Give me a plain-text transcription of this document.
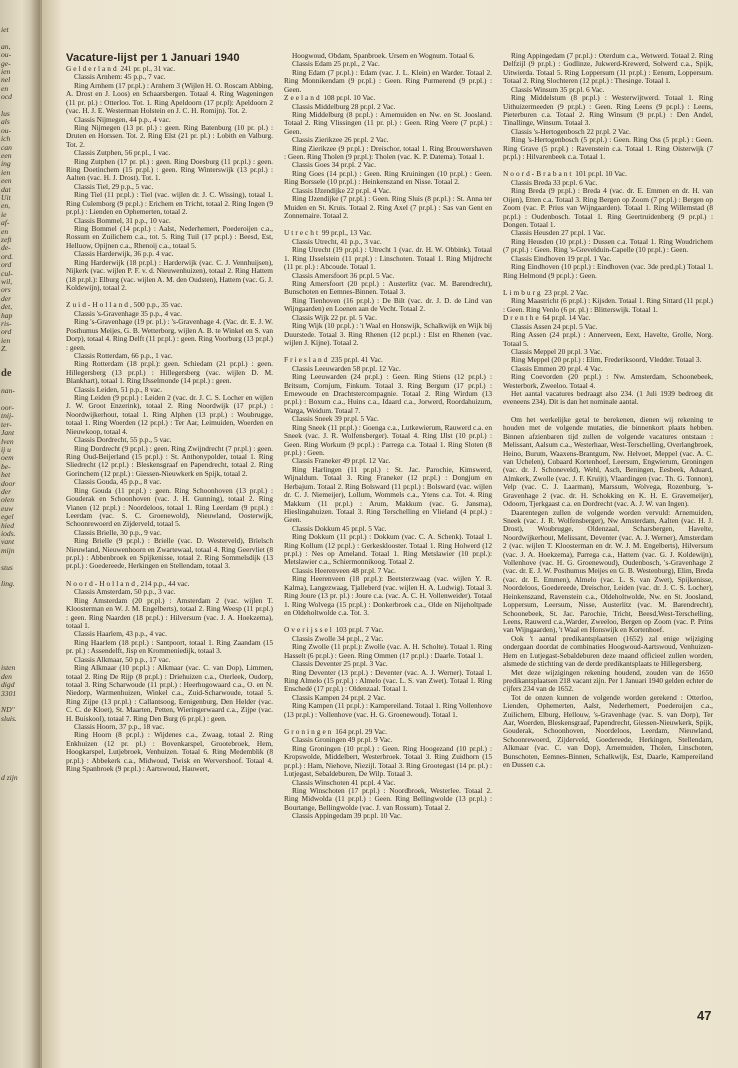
iet
an,
ou-
ge-
ien
nel
en
ocd
lus
als
ou-
ich
can
een
ing
ien
een
dat
Uit
en,
ie
af-
en
zeft
de-
ord.
ord
cul-
wil,
ors
der
det,
hap
ris-
ord
ien
Z.
de
nan-
oor-
tnij-
ter-
Jant
lven
ij u
oem
be-
het
door
der
olen
euw
egel
hied
iods.
vant
mijn
stus
ling.
isten
den
digd
3301
ND"
sluis.
d zijn

Vacature-lijst per 1 Januari 1940

Gelderland 241 pr. pl., 31 vac.

Classis Arnhem: 45 p.p., 7 vac.

Ring Arnhem (17 pr.pl.) : Arnhem 3 (Wijlen H. O. Roscam Abbing, A. Drost en J. Loos) en Schaarsbergen. Totaal 4. Ring Wageningen (11 pr. pl.) : Otterloo. Tot. 1. Ring Apeldoorn (17 pr.pl): Apeldoorn 2 (vac. H. J. E. Westerman Holstein en J. C. H. Romijn). Tot. 2.

Classis Nijmegen, 44 p.p., 4 vac.

Ring Nijmegen (13 pr. pl.) : geen. Ring Batenburg (10 pr. pl.) : Druten en Horssen. Tot. 2. Ring Elst (21 pr. pl.) : Lobith en Valburg. Tot. 2.

Classis Zutphen, 56 pr.pl., 1 vac.

Ring Zutphen (17 pr. pl.) : geen. Ring Doesburg (11 pr.pl.) : geen. Ring Doetinchem (15 pr.pl.) : geen. Ring Winterswijk (13 pr.pl.) : Aalten (vac. H. J. Drost). Tot. 1.

Classis Tiel, 29 p.p., 5 vac.

Ring Tiel (11 pr.pl.) : Tiel (vac. wijlen dr. J. C. Wissing), totaal 1. Ring Culemborg (9 pr.pl.) : Erichem en Tricht, totaal 2. Ring Ingen (9 pr.pl.) : Lienden en Ophemerten, totaal 2.

Classis Bommel, 31 p.p., 10 vac.

Ring Bommel (14 pr.pl.) : Aalst, Nederhemert, Poederoijen c.a., Rossum en Zuilichem c.a., tot. 5. Ring Tuil (17 pr.pl.) : Beesd, Est, Helluow, Opijnen c.a., Rhenoij c.a., totaal 5.

Classis Harderwijk, 36 p.p. 4 vac.

Ring Harderwijk (18 pr.pl.) : Harderwijk (vac. C. J. Vennhuijsen), Nijkerk (vac. wijlen P. F. v. d. Nieuwenhuizen), totaal 2. Ring Hattem (18 pr.pl.): Elburg (vac. wijlen A. M. den Oudsten), Hattem (vac. G. J. Koldewijn), totaal 2.

Zuid-Holland, 500 p.p., 35 vac.

Classis 's-Gravenhage 35 p.p., 4 vac.

Ring 's-Gravenhage (19 pr. pl.) : 's-Gravenhage 4. (Vac. dr. E. J. W. Posthumus Meijes, G. B. Wetterborg, wijlen A. B. te Winkel en S. van Dorp), totaal 4. Ring Delft (11 pr.pl.) : geen. Ring Voorburg (13 pr.pl.) : geen.

Classis Rotterdam, 66 p.p., 1 vac.

Ring Rotterdam (18 pr.pl.): geen. Schiedam (21 pr.pl.) : geen. Hillegersberg (13 pr.pl.) : Hillegersberg (vac. wijlen D. M. Blankhart), totaal 1. Ring IJsselmonde (14 pr.pl.) : geen.

Classis Leiden, 51 p.p., 8 vac.

Ring Leiden (9 pr.pl.) : Leiden 2 (vac. dr. J. C. S. Locher en wijlen J. W. Groot Enzerink), totaal 2. Ring Noordwijk (17 pr.pl.) : Noordwijkerhout, totaal 1. Ring Alphen (13 pr.pl.) : Woubrugge, totaal 1. Ring Woerden (12 pr.pl.) : Ter Aar, Leimuiden, Woerden en Nieuwkoop, totaal 4.

Classis Dordrecht, 55 p.p., 5 vac.

Ring Dordrecht (9 pr.pl.) : geen. Ring Zwijndrecht (7 pr.pl.) : geen. Ring Oud-Beijerland (15 pr.pl.) : St. Anthonypolder, totaal 1. Ring Sliedrecht (12 pr.pl.) : Bleskensgraaf en Papendrecht, totaal 2. Ring Gorinchem (12 pr.pl.) : Giessen-Nieuwkerk en Spijk, totaal 2.

Classis Gouda, 45 p.p., 8 vac.

Ring Gouda (11 pr.pl.) : geen. Ring Schoonhoven (13 pr.pl.) : Gouderak en Schoonhoven (vac. J. H. Gunning), totaal 2. Ring Vianen (12 pr.pl.) : Noordeloos, totaal 1. Ring Leerdam (9 pr.pl.) : Leerdam (vac. S. C. Groenewold), Nieuwland, Oosterwijk, Schoonrewoerd en Zijderveld, totaal 5.

Classis Brielle, 30 p.p., 9 vac.

Ring Brielle (9 pr.pl.) : Brielle (vac. D. Westerveld), Brielsch Nieuwland, Nieuwenhoorn en Zwartewaal, totaal 4. Ring Geervliet (8 pr.pl.) : Abbenbroek en Spijkenisse, totaal 2. Ring Sommelsdijk (13 pr.pl.) : Goedereede, Herkingen en Stellendam, totaal 3.

Noord-Holland, 214 p.p., 44 vac.

Classis Amsterdam, 50 p.p., 3 vac.

Ring Amsterdam (20 pr.pl.) : Amsterdam 2 (vac. wijlen T. Kloosterman en W. J. M. Engelberts), totaal 2. Ring Weesp (11 pr.pl.) : geen. Ring Naarden (18 pr.pl.) : Hilversum (vac. J. A. Hoekzema), totaal 1.

Classis Haarlem, 43 p.p., 4 vac.

Ring Haarlem (18 pr.pl.) : Santpoort, totaal 1. Ring Zaandam (15 pr. pl.) : Assendelft, Jisp en Krommeniedijk, totaal 3.

Classis Alkmaar, 50 p.p., 17 vac.

Ring Alkmaar (10 pr.pl.) : Alkmaar (vac. C. van Dop), Limmen, totaal 2. Ring De Rijp (8 pr.pl.) : Driehuizen c.a., Oterleek, Oudorp, totaal 3. Ring Scharwoude (11 pr.pl.) : Heerhugowaard c.a., O. en N. Niedorp, Warmenhuizen, Winkel c.a., Zuid-Scharwoude, totaal 5. Ring Zijpe (13 pr.pl.) : Callantsoog, Eenigenburg, Den Helder (vac. C. C. de Kloet), St. Maarten, Petten, Wieringerwaard c.a., Zijpe (vac. H. Buiskool), totaal 7. Ring Den Burg (6 pr.pl.) : geen.

Classis Hoorn, 37 p.p., 18 vac.

Ring Hoorn (8 pr.pl.) : Wijdenes c.a., Zwaag, totaal 2. Ring Enkhuizen (12 pr. pl.) : Bovenkarspel, Grootebroek, Hem, Hoogkarspel, Lutjebroek, Venhuizen. Totaal 6. Ring Medemblik (8 pr.pl.) : Abbekerk c.a., Midwoud, Twisk en Wervershoof. Totaal 4. Ring Spanbroek (9 pr.pl.) : Aartswoud, Hauwert,

Hoogwoud, Obdam, Spanbroek. Ursem en Wognum. Totaal 6.

Classis Edam 25 pr.pl., 2 Vac.

Ring Edam (7 pr.pl.) : Edam (vac. J. L. Klein) en Warder. Totaal 2. Ring Monnikendam (9 pr.pl.) : Geen. Ring Purmerend (9 pr.pl.) : Geen.

Zeeland 108 pr.pl. 10 Vac.

Classis Middelburg 28 pr.pl. 2 Vac.

Ring Middelburg (8 pr.pl.) : Arnemuiden en Nw. en St. Joosland. Totaal 2. Ring Vlissingen (11 pr. pl.) : Geen. Ring Veere (7 pr.pl.) : Geen.

Classis Zierikzee 26 pr.pl. 2 Vac.

Ring Zierikzee (9 pr.pl.) : Dreischor, totaal 1. Ring Brouwershaven : Geen. Ring Tholen (9 pr.pl.): Tholen (vac. K. P. Datema). Totaal 1.

Classis Goes 34 pr.pl. 2 Vac.

Ring Goes (14 pr.pl.) : Geen. Ring Kruiningen (10 pr.pl.) : Geen. Ring Borssele (10 pr.pl.) : Heinkenszand en Nisse. Totaal 2.

Classis IJzendijke 22 pr.pl. 4 Vac.

Ring IJzendijke (7 pr.pl.) : Geen. Ring Sluis (8 pr.pl.) : St. Anna ter Muiden en St. Kruis. Totaal 2. Ring Axel (7 pr.pl.) : Sas van Gent en Zonnemaire. Totaal 2.

Utrecht 99 pr.pl., 13 Vac.

Classis Utrecht, 41 p.p., 3 vac.

Ring Utrecht (19 pr.pl.) : Utrecht 1 (vac. dr. H. W. Obbink). Totaal 1. Ring IJsselstein (11 pr.pl.) : Linschoten. Totaal 1. Ring Mijdrecht (11 pr. pl.) : Abcoude. Totaal 1.

Classis Amersfoort 36 pr.pl. 5 Vac.

Ring Amersfoort (20 pr.pl.) : Austerlitz (vac. M. Barendrecht), Bunschoten en Eemnes-Binnen. Totaal 3.

Ring Tienhoven (16 pr.pl.) : De Bilt (vac. dr. J. D. de Lind van Wijngaarden) en Loenen aan de Vecht. Totaal 2.

Classis Wijk 22 pr. pl. 5 Vac.

Ring Wijk (10 pr.pl.) : 't Waal en Honswijk, Schalkwijk en Wijk bij Duurstede. Totaal 3. Ring Rhenen (12 pr.pl.) : Elst en Rhenen (vac. wijlen J. Kijne). Totaal 2.

Friesland 235 pr.pl. 41 Vac.

Classis Leeuwarden 58 pr.pl. 12 Vac.

Ring Leeuwarden (24 pr.pl.) : Geen. Ring Stiens (12 pr.pl.) : Britsum, Cornjum, Finkum. Totaal 3. Ring Bergum (17 pr.pl.) : Ernewoude en Drachtstercompagnie. Totaal 2. Ring Wirdum (13 pr.pl.) : Boxum c.a., Huins c.a., Idaard c.a., Jorwerd, Roordahuizum, Warga, Weidum. Totaal 7.

Classis Sneek 39 pr.pl. 5 Vac.

Ring Sneek (11 pr.pl.) : Goenga c.a., Lutkewierum, Rauwerd c.a. en Sneek (vac. J. R. Wolfensberger). Totaal 4. Ring IJlst (10 pr.pl.) : Geen. Ring Workum (9 pr.pl.) : Parrega c.a. Totaal 1. Ring Sloten (8 pr.pl.) : Geen.

Classis Franeker 49 pr.pl. 12 Vac.

Ring Harlingen (11 pr.pl.) : St. Jac. Parochie, Kimswerd, Wijnaldum. Totaal 3. Ring Franeker (12 pr.pl.) : Dongjum en Herbajum. Totaal 2. Ring Bolsward (11 pr.pl.) : Bolsward (vac. wijlen dr. C. J. Niemeijer), Lollum, Wommels c.a., Ytens c.a. Tot. 4. Ring Makkum (11 pr.pl.) : Arum, Makkum (vac. G. Jansma), Hieslingahuizen. Totaal 3. Ring Terschelling en Vlieland (4 pr.pl.) : Geen.

Classis Dokkum 45 pr.pl. 5 Vac.

Ring Dokkum (11 pr.pl.) : Dokkum (vac. C. A. Schenk). Totaal 1. Ring Kollum (12 pr.pl.) : Gerkesklooster. Totaal 1. Ring Holwerd (12 pr.pl.) : Nes op Ameland. Totaal 1. Ring Metslawier (10 pr.pl.): Metslawier c.a., Schiermonnikoog. Totaal 2.

Classis Heerenveen 48 pr.pl. 7 Vac.

Ring Heerenveen (18 pr.pl.): Beetsterzwaag (vac. wijlen Y. R. Kalma), Langezwaag, Tjalleberd (vac. wijlen H. A. Ludwig). Totaal 3. Ring Joure (13 pr. pl.) : Joure c.a. (vac. A. C. H. Vollenweider). Totaal 1. Ring Wolvega (15 pr.pl.) : Donkerbroek c.a., Olde en Nijeholtpade en Oldeholtwolde c.a. Tot. 3.

Overijssel 103 pr.pl. 7 Vac.

Classis Zwolle 34 pr.pl., 2 Vac.

Ring Zwolle (11 pr.pl.): Zwolle (vac. A. H. Scholte). Totaal 1. Ring Hasselt (6 pr.pl.) : Geen. Ring Ommen (17 pr.pl.) : Daarle. Totaal 1.

Classis Deventer 25 pr.pl. 3 Vac.

Ring Deventer (13 pr.pl.) : Deventer (vac. A. J. Werner). Totaal 1. Ring Almelo (15 pr.pl.) : Almelo (vac. L. S. van Zwet). Totaal 1. Ring Enschedé (17 pr.pl.) : Oldenzaal. Totaal 1.

Classis Kampen 24 pr.pl. 2 Vac.

Ring Kampen (11 pr.pl.) : Kampereiland. Totaal 1. Ring Vollenhove (13 pr.pl.) : Vollenhove (vac. H. G. Groenewoud). Totaal 1.

Groningen 164 pr.pl. 29 Vac.

Classis Groningen 49 pr.pl. 9 Vac.

Ring Groningen (10 pr.pl.) : Geen. Ring Hoogezand (10 pr.pl.) : Kropswolde, Middelbert, Westerbroek. Totaal 3. Ring Zuidhorn (15 pr.pl.) : Ham, Niehove, Niezijl. Totaal 3. Ring Grootegast (14 pr. pl.) : Lutjegast, Sebaldeburen, De Wilp. Totaal 3.

Classis Winschoten 41 pr.pl. 4 Vac.

Ring Winschoten (17 pr.pl.) : Noordbroek, Westerlee. Totaal 2. Ring Midwolda (11 pr.pl.) : Geen. Ring Bellingwolde (13 pr.pl.) : Bourtange, Bellingwolde (vac. J. van Rossum). Totaal 2.

Classis Appingedam 39 pr.pl. 10 Vac.

Ring Appingedam (7 pr.pl.) : Oterdum c.a., Wetwerd. Totaal 2. Ring Delfzijl (9 pr.pl.) : Godlinze, Jukwerd-Krewerd, Solwerd c.a., Spijk, Uitwierda. Totaal 5. Ring Loppersum (11 pr.pl.) : Eenum, Loppersum. Totaal 2. Ring Slochteren (12 pr.pl.) : Thesinge. Totaal 1.

Classis Winsum 35 pr.pl. 6 Vac.

Ring Middelstum (8 pr.pl.) : Westerwijtwerd. Totaal 1. Ring Uithuizermeeden (9 pr.pl.) : Geen. Ring Leens (9 pr.pl.) : Leens, Pieterburen c.a. Totaal 2. Ring Winsum (9 pr.pl.) : Den Andel, Tinallinge, Winsum. Totaal 3.

Classis 's-Hertogenbosch 22 pr.pl. 2 Vac.

Ring 's-Hertogenbosch (5 pr.pl.) : Geen. Ring Oss (5 pr.pl.) : Geen. Ring Grave (5 pr.pl.) : Ravenstein c.a. Totaal 1. Ring Oisterwijk (7 pr.pl.) : Hilvarenbeek c.a. Totaal 1.

Noord-Brabant 101 pr.pl. 10 Vac.

Classis Breda 33 pr.pl. 6 Vac.

Ring Breda (9 pr.pl.) : Breda 4 (vac. dr. E. Emmen en dr. H. van Oijen), Etten c.a. Totaal 3. Ring Bergen op Zoom (7 pr.pl.) : Bergen op Zoom (vac. P. Prius van Wijngaarden). Totaal 1. Ring Willemstad (8 pr.pl.) : Oudenbosch. Totaal 1. Ring Geertruidenberg (9 pr.pl.) : Dongen. Totaal 1.

Classis Heusden 27 pr.pl. 1 Vac.

Ring Heusden (10 pr.pl.) : Dussen c.a. Totaal 1. Ring Woudrichem (7 pr.pl.) : Geen. Ring 's-Grevelduin-Capelle (10 pr.pl.) : Geen.

Classis Eindhoven 19 pr.pl. 1 Vac.

Ring Eindhoven (10 pr.pl.) : Eindhoven (vac. 3de pred.pl.) Totaal 1. Ring Helmond (9 pr.pl.) : Geen.

Limburg 23 pr.pl. 2 Vac.

Ring Maastricht (6 pr.pl.) : Kijsden. Totaal 1. Ring Sittard (11 pr.pl.) : Geen. Ring Venlo (6 pr. pl.) : Blitterswijk. Totaal 1.

Drenthe 64 pr.pl. 14 Vac.

Classis Assen 24 pr.pl. 5 Vac.

Ring Assen (24 pr.pl.) : Annerveen, Eext, Havelte, Grolle, Norg. Totaal 5.

Classis Meppel 20 pr.pl. 3 Vac.

Ring Meppel (20 pr.pl.) : Elim, Frederiksoord, Vledder. Totaal 3.

Classis Emmen 20 pr.pl. 4 Vac.

Ring Coevorden (20 pr.pl.) : Nw. Amsterdam, Schoonebeek, Westerbork, Zweeloo. Totaal 4.

Het aantal vacatures bedraagt also 234. (1 Juli 1939 bedroeg dit eveneens 234). Dit is dan het nominale aantal.

Om het werkelijke getal te berekenen, dienen wij rekening te houden met de volgende mutaties, die binnenkort plaats hebben. Binnen afzienbaren tijd zullen de volgende vacatures ontstaan : Melissant, Aalsum c.a., Westerhaar, West-Terschelling, Overlangbroek, Heino, Burum, Waaxens-Brantgum, Nw. Helvoet, Meppel (vac. A. C. van Uchelen), Cubaard Kortenhoef, Leersum, Engwierum, Groningen (vac. dr. J. Schoneveld), Wehl, Asch, Beningen, Eesbeek, Aduard, Almkerk, Zwolle (vac. J. F. Kruijt), Vlaardingen (vac. Th. G. Tonnon), Velp (vac. C. J. Laarman), Marssum, Wolvega, Rozenburg, 's-Gravenhage 2 (vac. dr. H. Schokking en K. H. E. Gravemeijer), Odoorn, Tjerkgaast c.a. en Dordrecht (vac. A. J. W. van Ingen).

Daarentegen zullen de volgende worden vervuld: Arnemuiden, Sneek (vac. J. R. Wolfensberger), Nw Amsterdam, Aalten (vac. H. J. Drost), Woubrugge, Oldenzaal, Scharsbergen, Havelte, Noordwijkerhout, Melissant, Deventer (vac. A. J. Werner), Amsterdam 2 (vac. wijlen T. Kloosterman en dr. W. J. M. Engelberts), Hilversum (vac. J. A. Hoekzema), Parrega c.a., Hattem (vac. G. J. Koldewijn), Vollenhove (vac. H. G. Groenewoud), Oudenbosch, 's-Gravenhage 2 (vac. dr. E. J. W. Posthumus Meijes en G. B. Westenburg), Elim, Breda (vac. dr. E. Emmen), Almelo (vac. L. S. van Zwet), Spijkenisse, Noordeloos, Goedereede, Dreischor, Leiden (vac. dr. J. C. S. Locher), Heinkenszand, Ravenstein c.a., Oldeholtwolde, Nw. en St. Joosland, Loppersum, Leersum, Nisse, Austerlitz (vac. M. Barendrecht), Schoonebeek, St. Jac. Parochie, Tricht, Beesd,West-Terschelling, Leens, Rauwerd c.a.,Warder, Zweeloo, Bergen op Zoom (vac. P. Prins van Wijngaarden), 't Waal en Honswijk en Kortenhoef.

Ook 't aantal predikantsplaatsen (1652) zal enige wijziging ondergaan doordat de combinaties Hoogwoud-Aartswoud, Venhuizen-Hem en Lutjegast-Sebaldeburen deze maand officieel zullen worden, alsmede de stichting van de derde predikantsplaats te Hillegersberg.

Met deze wijzigingen rekening houdend, zouden van de 1650 predikantsplaatsen 218 vacant zijn. Per 1 Januari 1940 gelden echter de cijfers 234 van de 1652.

Tot de onzen kunnen de volgende worden gerekend : Otterloo, Lienden, Ophemerten, Aalst, Nederhemert, Poederoijen c.a., Zuilichem, Elburg, Hellouw, 's-Gravenhage (vac. S. van Dorp), Ter Aar, Woerden, Bleskensgraaf, Papendrecht, Giessen-Nieuwkerk, Spijk, Gouderak, Schoonhoven, Noordeloos, Leerdam, Nieuwland, Schoonrewoerd, Zijderveld, Goedereede, Herkingen, Stellendam, Alkmaar (vac. C. van Dop), Arnemuiden, Tholen, Linschoten, Bunschoten, Eemnes-Binnen, Schalkwijk, Est, Daarle, Kampereiland en Dussen c.a.

47
